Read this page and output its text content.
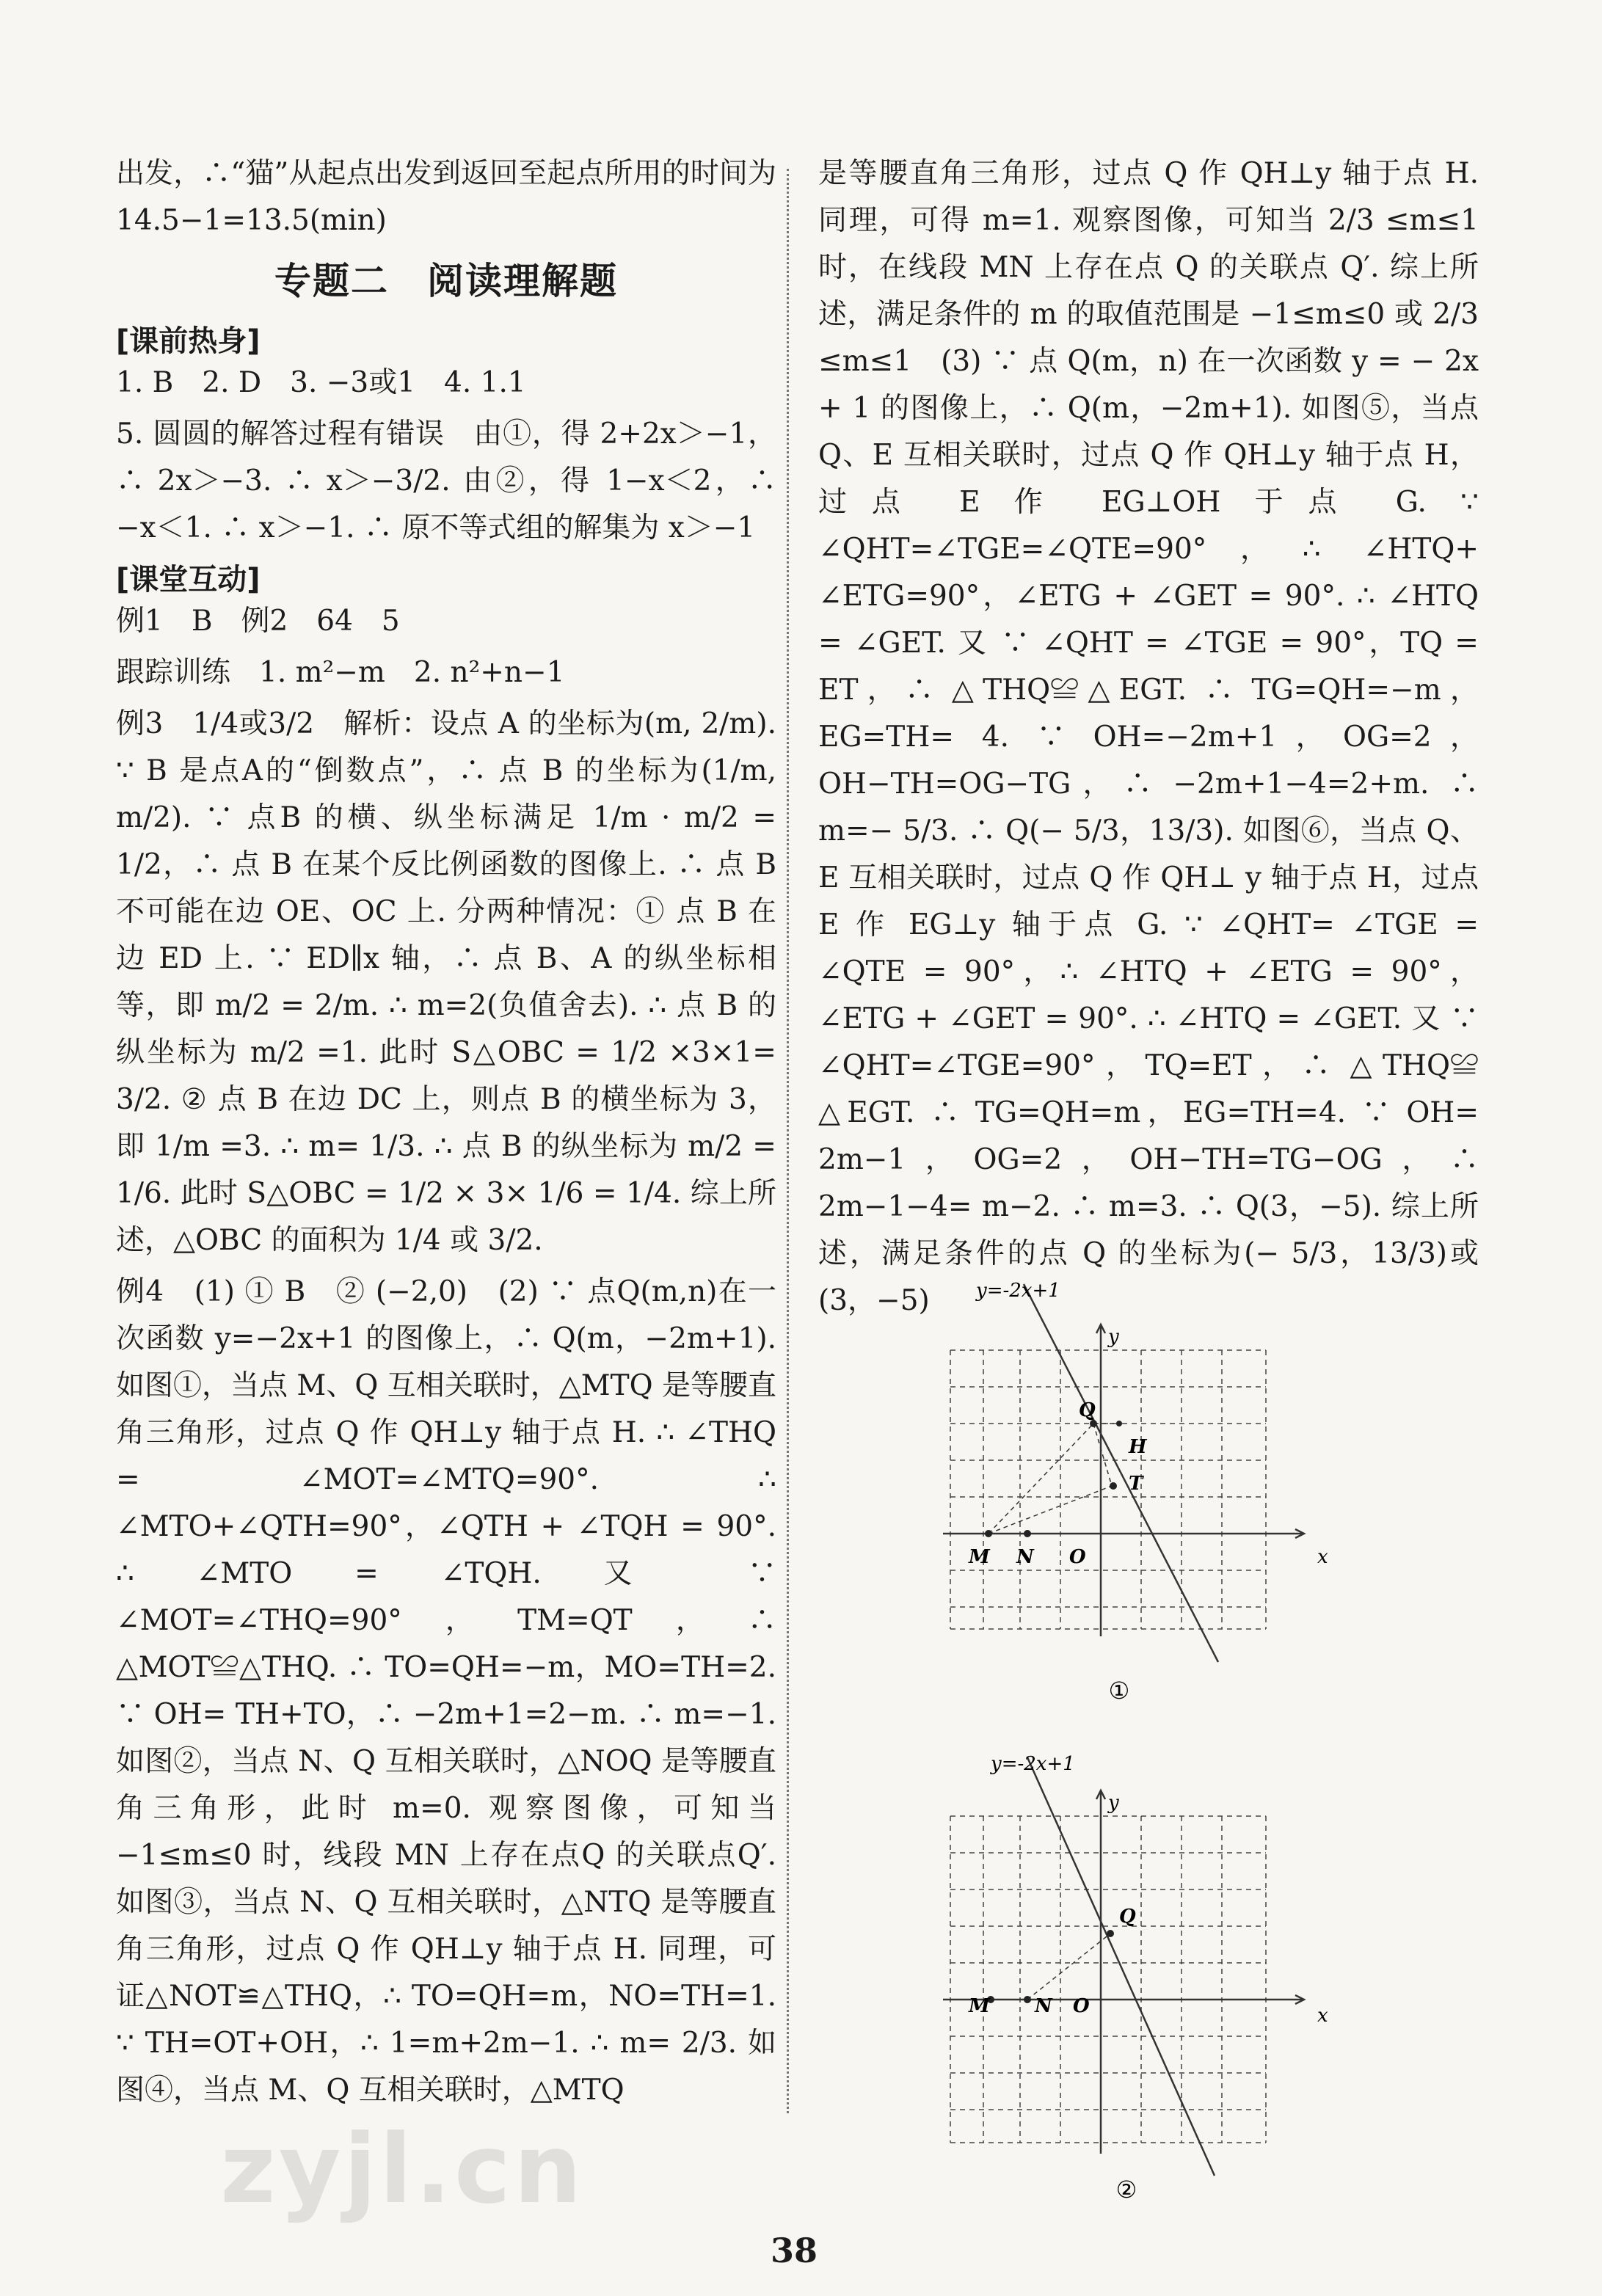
出发，∴“猫”从起点出发到返回至起点所用的时间为14.5−1=13.5(min)

专题二　阅读理解题
[课前热身]

1. B　2. D　3. −3或1　4. 1.1

5. 圆圆的解答过程有错误　由①，得 2+2x＞−1，∴ 2x＞−3. ∴ x＞−3/2. 由②，得 1−x＜2，∴ −x＜1. ∴ x＞−1. ∴ 原不等式组的解集为 x＞−1

[课堂互动]

例1　B　例2　64　5

跟踪训练　1. m²−m　2. n²+n−1

例3　1/4或3/2　解析：设点 A 的坐标为(m, 2/m). ∵ B 是点A的“倒数点”，∴ 点 B 的坐标为(1/m, m/2). ∵ 点B 的横、纵坐标满足 1/m · m/2 = 1/2，∴ 点 B 在某个反比例函数的图像上. ∴ 点 B 不可能在边 OE、OC 上. 分两种情况：① 点 B 在边 ED 上. ∵ ED∥x 轴，∴ 点 B、A 的纵坐标相等，即 m/2 = 2/m. ∴ m=2(负值舍去). ∴ 点 B 的纵坐标为 m/2 =1. 此时 S△OBC = 1/2 ×3×1= 3/2. ② 点 B 在边 DC 上，则点 B 的横坐标为 3，即 1/m =3. ∴ m= 1/3. ∴ 点 B 的纵坐标为 m/2 = 1/6. 此时 S△OBC = 1/2 × 3× 1/6 = 1/4. 综上所述，△OBC 的面积为 1/4 或 3/2.

例4　(1) ① B　② (−2,0)　(2) ∵ 点Q(m,n)在一次函数 y=−2x+1 的图像上，∴ Q(m，−2m+1). 如图①，当点 M、Q 互相关联时，△MTQ 是等腰直角三角形，过点 Q 作 QH⊥y 轴于点 H. ∴ ∠THQ = ∠MOT=∠MTQ=90°. ∴ ∠MTO+∠QTH=90°，∠QTH + ∠TQH = 90°. ∴ ∠MTO = ∠TQH. 又 ∵ ∠MOT=∠THQ=90°，TM=QT，∴ △MOT≌△THQ. ∴ TO=QH=−m，MO=TH=2. ∵ OH= TH+TO，∴ −2m+1=2−m. ∴ m=−1. 如图②，当点 N、Q 互相关联时，△NOQ 是等腰直角三角形，此时 m=0. 观察图像，可知当−1≤m≤0 时，线段 MN 上存在点Q 的关联点Q′. 如图③，当点 N、Q 互相关联时，△NTQ 是等腰直角三角形，过点 Q 作 QH⊥y 轴于点 H. 同理，可证△NOT≌△THQ，∴ TO=QH=m，NO=TH=1. ∵ TH=OT+OH，∴ 1=m+2m−1. ∴ m= 2/3. 如图④，当点 M、Q 互相关联时，△MTQ

是等腰直角三角形，过点 Q 作 QH⊥y 轴于点 H. 同理，可得 m=1. 观察图像，可知当 2/3 ≤m≤1 时，在线段 MN 上存在点 Q 的关联点 Q′. 综上所述，满足条件的 m 的取值范围是 −1≤m≤0 或 2/3 ≤m≤1　(3) ∵ 点 Q(m，n) 在一次函数 y = − 2x + 1 的图像上，∴ Q(m，−2m+1). 如图⑤，当点 Q、E 互相关联时，过点 Q 作 QH⊥y 轴于点 H，过点 E 作 EG⊥OH 于点 G. ∵ ∠QHT=∠TGE=∠QTE=90°，∴ ∠HTQ+ ∠ETG=90°，∠ETG + ∠GET = 90°. ∴ ∠HTQ = ∠GET. 又 ∵ ∠QHT = ∠TGE = 90°，TQ = ET，∴ △THQ≌△EGT. ∴ TG=QH=−m，EG=TH= 4. ∵ OH=−2m+1，OG=2，OH−TH=OG−TG，∴ −2m+1−4=2+m. ∴ m=− 5/3. ∴ Q(− 5/3，13/3). 如图⑥，当点 Q、E 互相关联时，过点 Q 作 QH⊥ y 轴于点 H，过点 E 作 EG⊥y 轴于点 G. ∵ ∠QHT= ∠TGE = ∠QTE = 90°，∴ ∠HTQ + ∠ETG = 90°，∠ETG + ∠GET = 90°. ∴ ∠HTQ = ∠GET. 又 ∵ ∠QHT=∠TGE=90°，TQ=ET，∴ △THQ≌ △EGT. ∴ TG=QH=m，EG=TH=4. ∵ OH= 2m−1，OG=2，OH−TH=TG−OG，∴ 2m−1−4= m−2. ∴ m=3. ∴ Q(3，−5). 综上所述，满足条件的点 Q 的坐标为(− 5/3，13/3)或(3，−5)	y=-2x+1
y
x
Q
H
T
M N O
①
y=-2x+1
y
x
Q
M N O
②
38
zyjl.cn
